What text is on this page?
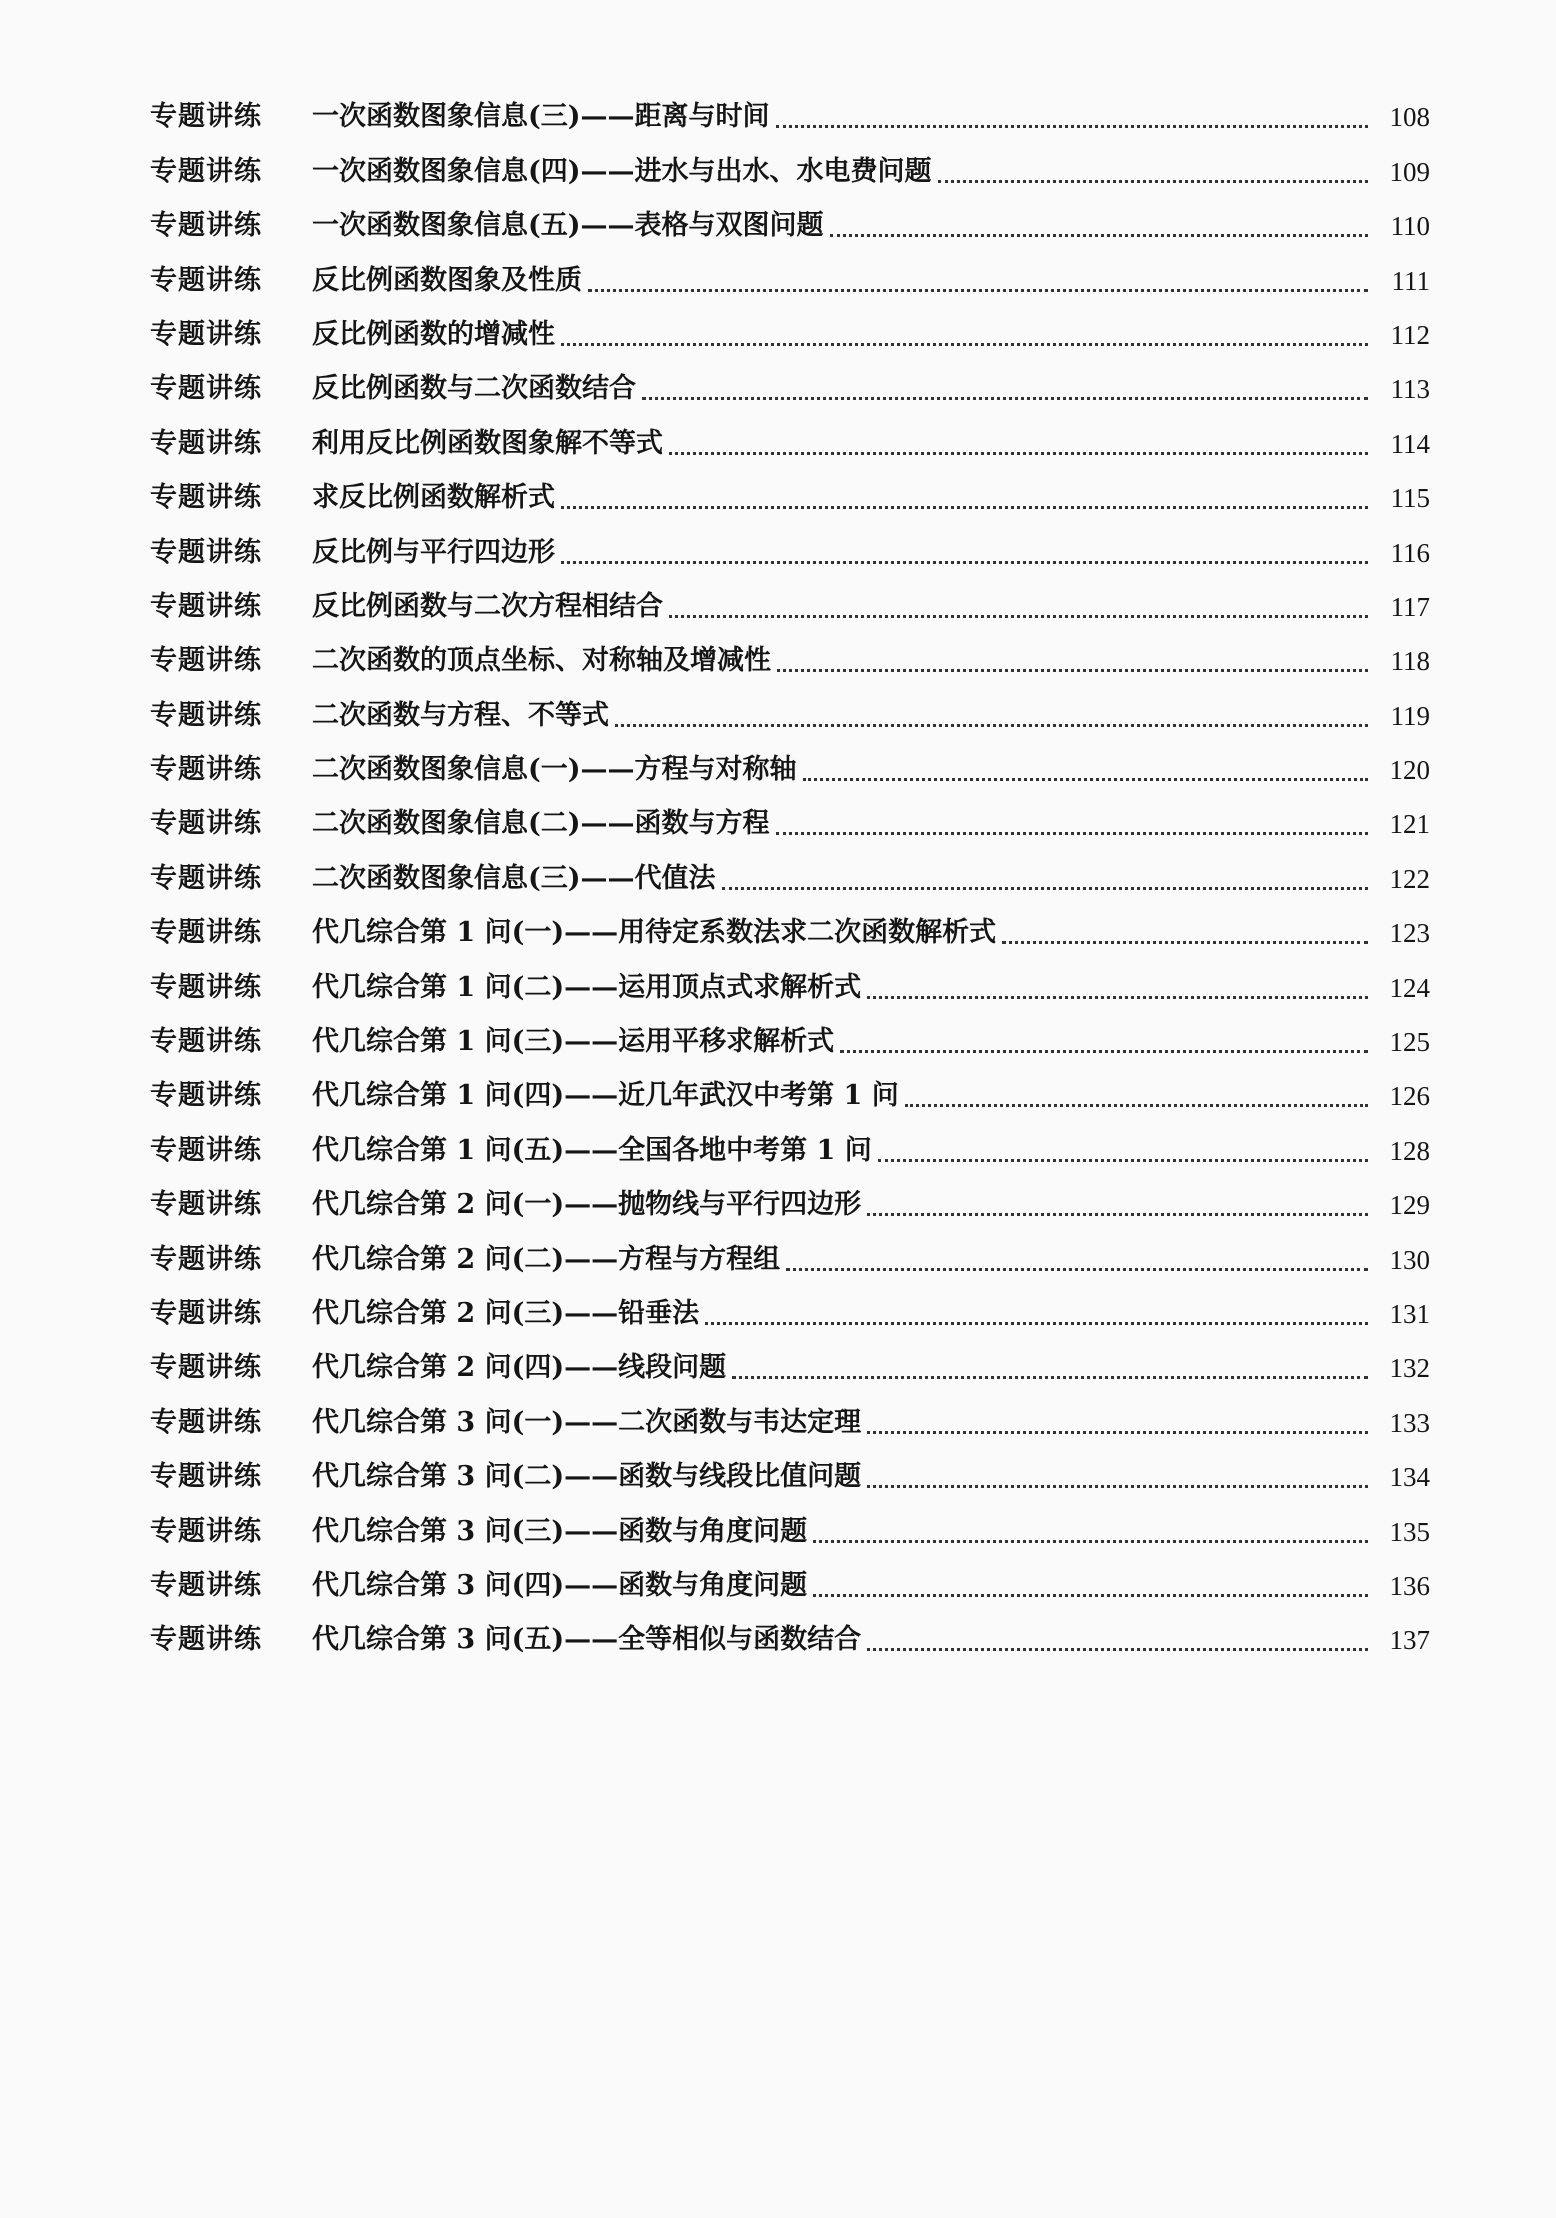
专题讲练	一次函数图象信息(三)——距离与时间	108
专题讲练	一次函数图象信息(四)——进水与出水、水电费问题	109
专题讲练	一次函数图象信息(五)——表格与双图问题	110
专题讲练	反比例函数图象及性质	111
专题讲练	反比例函数的增减性	112
专题讲练	反比例函数与二次函数结合	113
专题讲练	利用反比例函数图象解不等式	114
专题讲练	求反比例函数解析式	115
专题讲练	反比例与平行四边形	116
专题讲练	反比例函数与二次方程相结合	117
专题讲练	二次函数的顶点坐标、对称轴及增减性	118
专题讲练	二次函数与方程、不等式	119
专题讲练	二次函数图象信息(一)——方程与对称轴	120
专题讲练	二次函数图象信息(二)——函数与方程	121
专题讲练	二次函数图象信息(三)——代值法	122
专题讲练	代几综合第 1 问(一)——用待定系数法求二次函数解析式	123
专题讲练	代几综合第 1 问(二)——运用顶点式求解析式	124
专题讲练	代几综合第 1 问(三)——运用平移求解析式	125
专题讲练	代几综合第 1 问(四)——近几年武汉中考第 1 问	126
专题讲练	代几综合第 1 问(五)——全国各地中考第 1 问	128
专题讲练	代几综合第 2 问(一)——抛物线与平行四边形	129
专题讲练	代几综合第 2 问(二)——方程与方程组	130
专题讲练	代几综合第 2 问(三)——铅垂法	131
专题讲练	代几综合第 2 问(四)——线段问题	132
专题讲练	代几综合第 3 问(一)——二次函数与韦达定理	133
专题讲练	代几综合第 3 问(二)——函数与线段比值问题	134
专题讲练	代几综合第 3 问(三)——函数与角度问题	135
专题讲练	代几综合第 3 问(四)——函数与角度问题	136
专题讲练	代几综合第 3 问(五)——全等相似与函数结合	137
